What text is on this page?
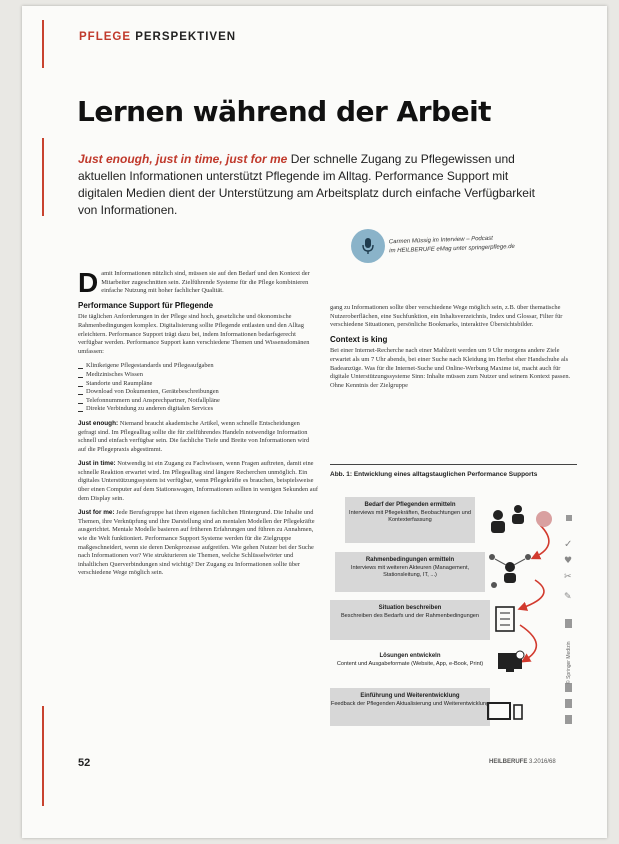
PFLEGE PERSPEKTIVEN
Lernen während der Arbeit
Just enough, just in time, just for me Der schnelle Zugang zu Pflegewissen und aktuellen Informationen unterstützt Pflegende im Alltag. Performance Support mit digitalen Medien dient der Unterstützung am Arbeitsplatz durch einfache Verfügbarkeit von Informationen.
Carmen Müssig im Interview – Podcast
im HEILBERUFE eMag unter springerpflege.de

Damit Informationen nützlich sind, müssen sie auf den Bedarf und den Kontext der Mitarbeiter zugeschnitten sein. Zielführende Systeme für die Pflege kombinieren einfache Nutzung mit hoher fachlicher Qualität.

Performance Support für Pflegende

Die täglichen Anforderungen in der Pflege sind hoch, gesetzliche und ökonomische Rahmenbedingungen komplex. Digitalisierung sollte Pflegende entlasten und den Alltag erleichtern. Performance Support trägt dazu bei, indem Informationen bedarfsgerecht verfügbar werden. Performance Support kann verschiedene Themen und Wissensdomänen umfassen:

Klinikeigene Pflegestandards und Pflegeaufgaben
Medizinisches Wissen
Standorte und Raumpläne
Download von Dokumenten, Gerätebeschreibungen
Telefonnummern und Ansprechpartner, Notfallpläne
Direkte Verbindung zu anderen digitalen Services

Just enough: Niemand braucht akademische Artikel, wenn schnelle Entscheidungen gefragt sind. Im Pflegealltag sollte die für zielführendes Handeln notwendige Information schnell und einfach verfügbar sein. Die fachliche Tiefe und Breite von Informationen wird auf die Pflegepraxis abgestimmt.

Just in time: Notwendig ist ein Zugang zu Fachwissen, wenn Fragen auftreten, damit eine schnelle Reaktion erwartet wird. Im Pflegealltag sind längere Recherchen unmöglich. Ein digitales Unterstützungssystem ist verfügbar, wenn Pflegekräfte es brauchen, beispielsweise über einen Computer auf dem Stationswagen, Informationen sollten in wenigen Sekunden auf dem Display sein.

Just for me: Jede Berufsgruppe hat ihren eigenen fachlichen Hintergrund. Die Inhalte und Themen, ihre Verknüpfung und ihre Darstellung sind an mentalen Modellen der Pflegekräfte ausgerichtet. Mentale Modelle basieren auf früheren Erfahrungen und führen zu Annahmen, wie die Welt funktioniert. Performance Support Systeme werden für die Zielgruppe maßgeschneidert, wenn sie deren Denkprozesse aufgreifen. Wie gehen Nutzer bei der Suche nach Informationen vor? Wie strukturieren sie Themen, welche Schlüsselwörter und inhaltlichen Querverbindungen sind wichtig? Der Zugang zu Informationen sollte über verschiedene Wege möglich sein.

gang zu Informationen sollte über verschiedene Wege möglich sein, z.B. über thematische Nutzeroberflächen, eine Suchfunktion, ein Inhaltsverzeichnis, Index und Glossar, Filter für verschiedene Situationen, persönliche Bookmarks, interaktive Übersichtsbilder.

Context is king

Bei einer Internet-Recherche nach einer Mahlzeit werden um 9 Uhr morgens andere Ziele erwartet als um 7 Uhr abends, bei einer Suche nach Kleidung im Herbst eher Handschuhe als Badeanzüge. Was für die Internet-Suche und Online-Werbung Maxime ist, macht auch für digitale Unterstützungssysteme Sinn: Inhalte müssen zum Nutzer und seinem Kontext passen. Ohne Kenntnis der Zielgruppe

Abb. 1: Entwicklung eines alltagstauglichen Performance Supports
Bedarf der Pflegenden ermitteln
Interviews mit Pflegekräften, Beobachtungen und Kontexterfassung
Rahmenbedingungen ermitteln
Interviews mit weiteren Akteuren (Management, Stationsleitung, IT, ...)
Situation beschreiben
Beschreiben des Bedarfs und der Rahmenbedingungen
Lösungen entwickeln
Content und Ausgabeformate (Website, App, e-Book, Print)
Einführung und Weiterentwicklung
Feedback der Pflegenden Aktualisierung und Weiterentwicklung
✓
♥
✂
✎
© Springer Medizin
52	HEILBERUFE 3.2016/68
